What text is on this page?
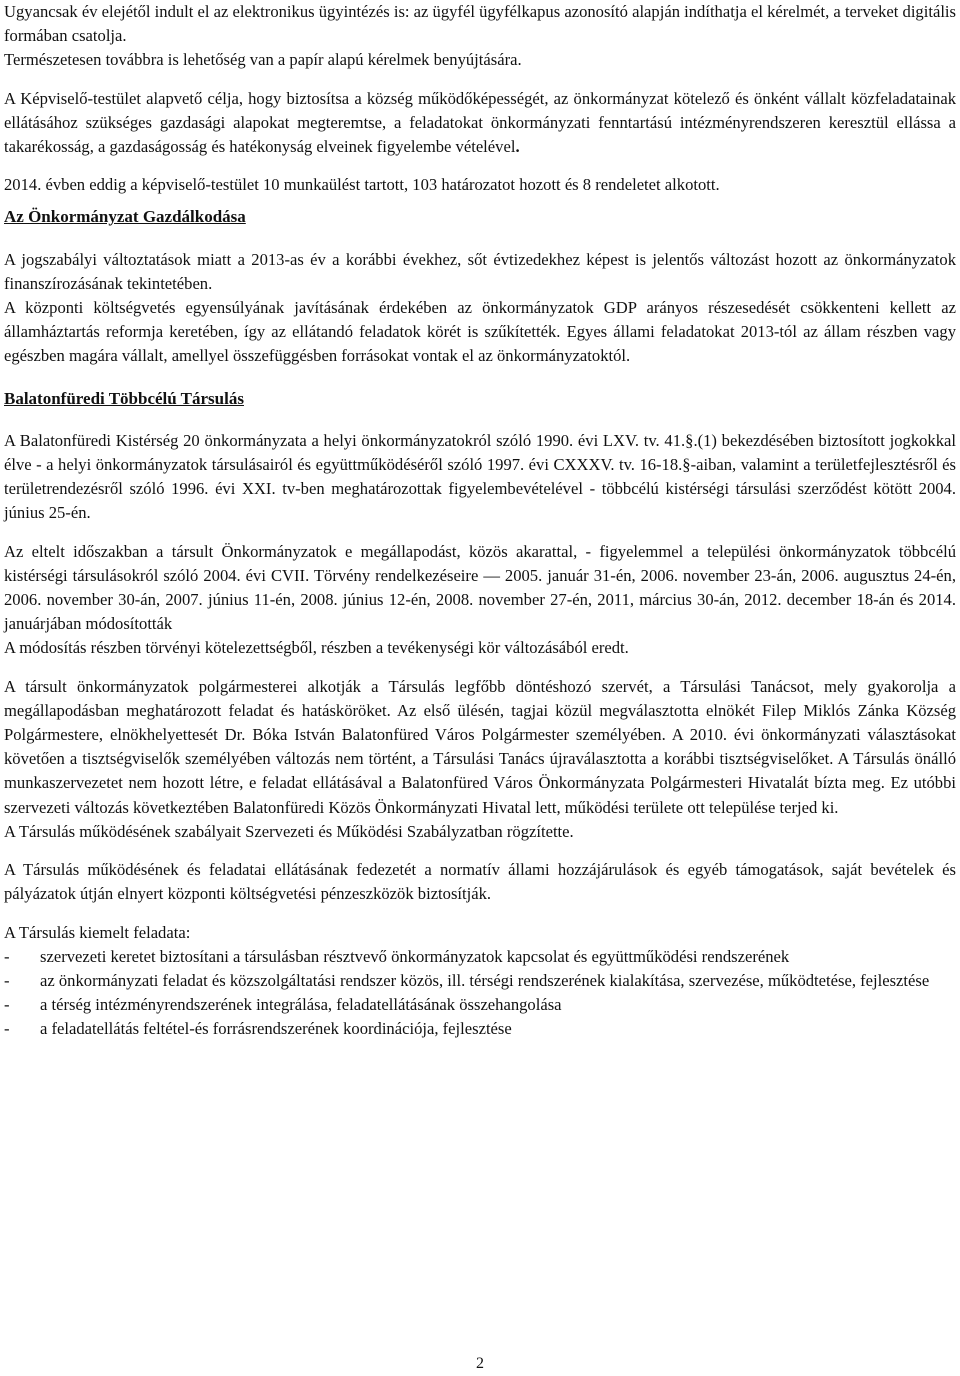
Ugyancsak év elejétől indult el az elektronikus ügyintézés is: az ügyfél ügyfélkapus azonosító alapján indíthatja el kérelmét, a terveket digitális formában csatolja.

Természetesen továbbra is lehetőség van a papír alapú kérelmek benyújtására.

A Képviselő-testület alapvető célja, hogy biztosítsa a község működőképességét, az önkormányzat kötelező és önként vállalt közfeladatainak ellátásához szükséges gazdasági alapokat megteremtse, a feladatokat önkormányzati fenntartású intézményrendszeren keresztül ellássa a takarékosság, a gazdaságosság és hatékonyság elveinek figyelembe vételével.

2014. évben eddig a képviselő-testület 10 munkaülést tartott, 103 határozatot hozott és 8 rendeletet alkotott.

Az Önkormányzat Gazdálkodása

A jogszabályi változtatások miatt a 2013-as év a korábbi évekhez, sőt évtizedekhez képest is jelentős változást hozott az önkormányzatok finanszírozásának tekintetében.

A központi költségvetés egyensúlyának javításának érdekében az önkormányzatok GDP arányos részesedését csökkenteni kellett az államháztartás reformja keretében, így az ellátandó feladatok körét is szűkítették. Egyes állami feladatokat 2013-tól az állam részben vagy egészben magára vállalt, amellyel összefüggésben forrásokat vontak el az önkormányzatoktól.

Balatonfüredi Többcélú Társulás

A Balatonfüredi Kistérség 20 önkormányzata a helyi önkormányzatokról szóló 1990. évi LXV. tv. 41.§.(1) bekezdésében biztosított jogkokkal élve - a helyi önkormányzatok társulásairól és együttműködéséről szóló 1997. évi CXXXV. tv. 16-18.§-aiban, valamint a területfejlesztésről és területrendezésről szóló 1996. évi XXI. tv-ben meghatározottak figyelembevételével - többcélú kistérségi társulási szerződést kötött 2004. június 25-én.

Az eltelt időszakban a társult Önkormányzatok e megállapodást, közös akarattal, - figyelemmel a települési önkormányzatok többcélú kistérségi társulásokról szóló 2004. évi CVII. Törvény rendelkezéseire — 2005. január 31-én, 2006. november 23-án, 2006. augusztus 24-én, 2006. november 30-án, 2007. június 11-én, 2008. június 12-én, 2008. november 27-én, 2011, március 30-án, 2012. december 18-án és 2014. januárjában módosították

A módosítás részben törvényi kötelezettségből, részben a tevékenységi kör változásából eredt.

A társult önkormányzatok polgármesterei alkotják a Társulás legfőbb döntéshozó szervét, a Társulási Tanácsot, mely gyakorolja a megállapodásban meghatározott feladat és hatásköröket. Az első ülésén, tagjai közül megválasztotta elnökét Filep Miklós Zánka Község Polgármestere, elnökhelyettesét Dr. Bóka István Balatonfüred Város Polgármester személyében. A 2010. évi önkormányzati választásokat követően a tisztségviselők személyében változás nem történt, a Társulási Tanács újraválasztotta a korábbi tisztségviselőket. A Társulás önálló munkaszervezetet nem hozott létre, e feladat ellátásával a Balatonfüred Város Önkormányzata Polgármesteri Hivatalát bízta meg. Ez utóbbi szervezeti változás következtében Balatonfüredi Közös Önkormányzati Hivatal lett, működési területe ott települése terjed ki.

A Társulás működésének szabályait Szervezeti és Működési Szabályzatban rögzítette.

A Társulás működésének és feladatai ellátásának fedezetét a normatív állami hozzájárulások és egyéb támogatások, saját bevételek és pályázatok útján elnyert központi költségvetési pénzeszközök biztosítják.

A Társulás kiemelt feladata:

-	szervezeti keretet biztosítani a társulásban résztvevő önkormányzatok kapcsolat és együttműködési rendszerének
-	az önkormányzati feladat és közszolgáltatási rendszer közös, ill. térségi rendszerének kialakítása, szervezése, működtetése, fejlesztése
-	a térség intézményrendszerének integrálása, feladatellátásának összehangolása
-	a feladatellátás feltétel-és forrásrendszerének koordinációja, fejlesztése
2
